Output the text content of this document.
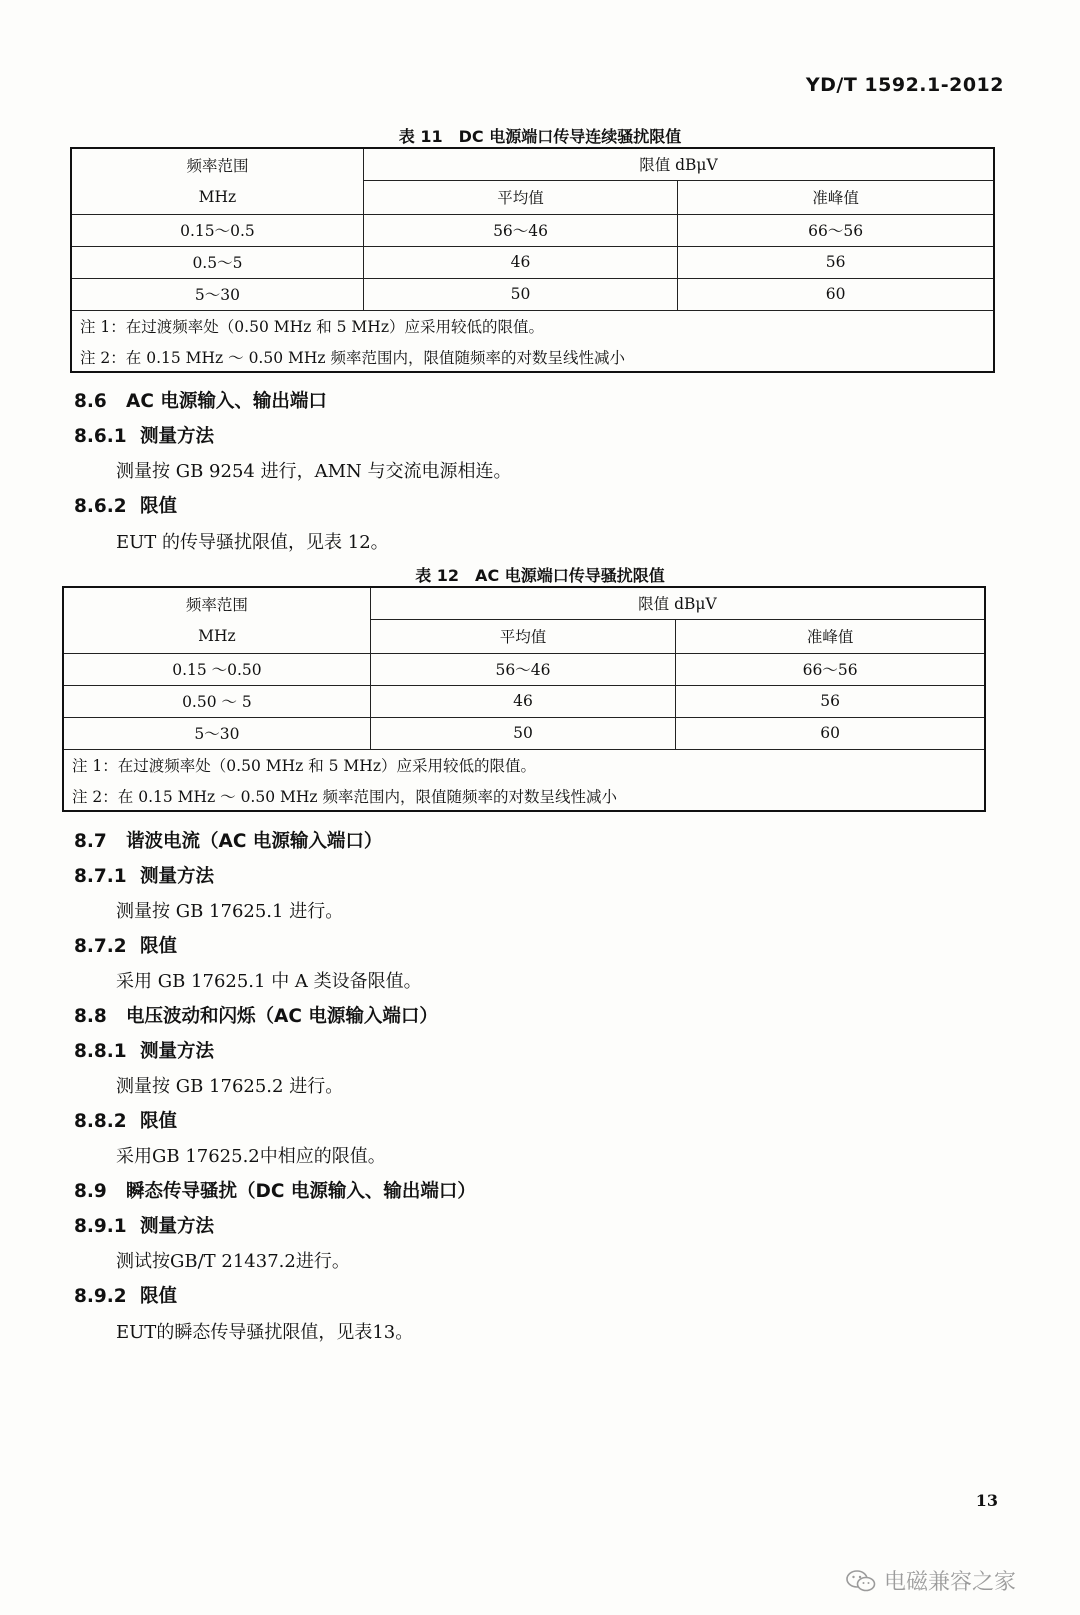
YD/T 1592.1-2012
表 11　DC 电源端口传导连续骚扰限值
频率范围	限值 dBμV	
MHz	平均值	准峰值
0.15～0.5	56～46	66～56
0.5～5	46	56
5～30	50	60
注 1：在过渡频率处（0.50 MHz 和 5 MHz）应采用较低的限值。		
注 2：在 0.15 MHz ～ 0.50 MHz 频率范围内，限值随频率的对数呈线性减小		
8.6 AC 电源输入、输出端口
8.6.1 测量方法
测量按 GB 9254 进行，AMN 与交流电源相连。
8.6.2 限值
EUT 的传导骚扰限值，见表 12。
表 12　AC 电源端口传导骚扰限值
频率范围	限值 dBμV	
MHz	平均值	准峰值
0.15 ～0.50	56～46	66～56
0.50 ～ 5	46	56
5～30	50	60
注 1：在过渡频率处（0.50 MHz 和 5 MHz）应采用较低的限值。		
注 2：在 0.15 MHz ～ 0.50 MHz 频率范围内，限值随频率的对数呈线性减小		
8.7 谐波电流（AC 电源输入端口）
8.7.1 测量方法
测量按 GB 17625.1 进行。
8.7.2 限值
采用 GB 17625.1 中 A 类设备限值。
8.8 电压波动和闪烁（AC 电源输入端口）
8.8.1 测量方法
测量按 GB 17625.2 进行。
8.8.2 限值
采用GB 17625.2中相应的限值。
8.9 瞬态传导骚扰（DC 电源输入、输出端口）
8.9.1 测量方法
测试按GB/T 21437.2进行。
8.9.2 限值
EUT的瞬态传导骚扰限值，见表13。
13
电磁兼容之家
